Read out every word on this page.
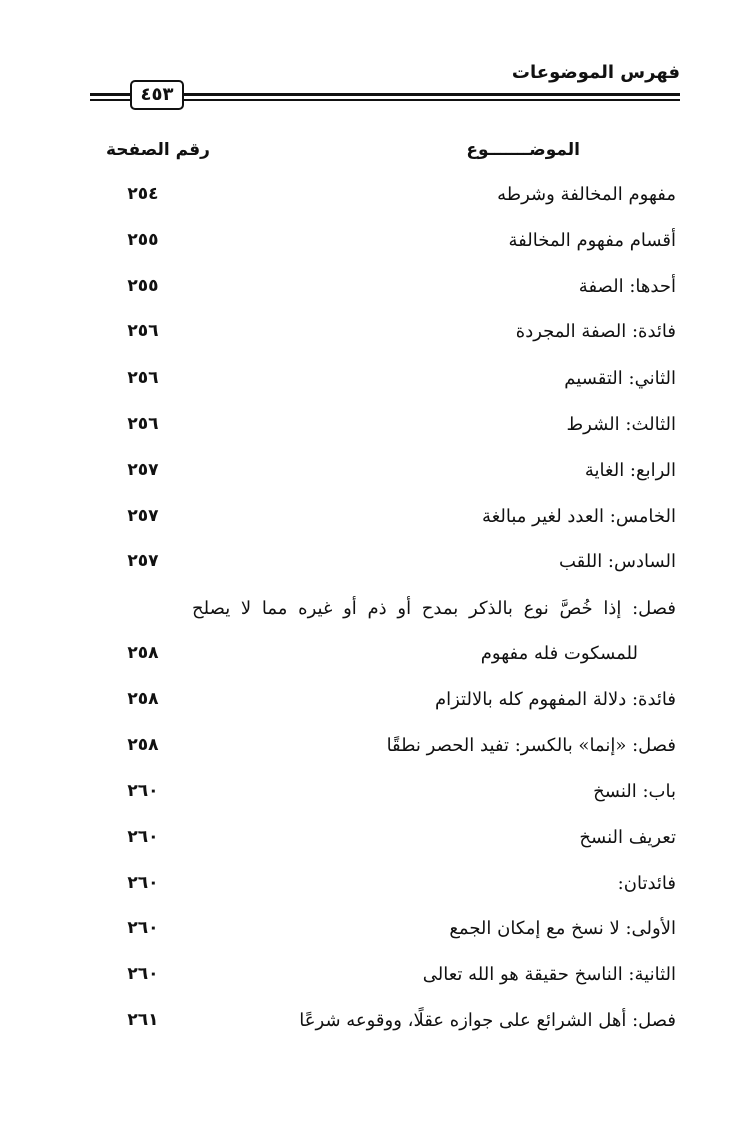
فهرس الموضوعات
٤٥٣
الموضـــــــوع
رقم الصفحة
مفهوم المخالفة وشرطه
٢٥٤
أقسام مفهوم المخالفة
٢٥٥
أحدها: الصفة
٢٥٥
فائدة: الصفة المجردة
٢٥٦
الثاني: التقسيم
٢٥٦
الثالث: الشرط
٢٥٦
الرابع: الغاية
٢٥٧
الخامس: العدد لغير مبالغة
٢٥٧
السادس: اللقب
٢٥٧
فصل: إذا خُصَّ نوع بالذكر بمدح أو ذم أو غيره مما لا يصلح
للمسكوت فله مفهوم
٢٥٨
فائدة: دلالة المفهوم كله بالالتزام
٢٥٨
فصل: «إنما» بالكسر: تفيد الحصر نطقًا
٢٥٨
باب: النسخ
٢٦٠
تعريف النسخ
٢٦٠
فائدتان:
٢٦٠
الأولى: لا نسخ مع إمكان الجمع
٢٦٠
الثانية: الناسخ حقيقة هو الله تعالى
٢٦٠
فصل: أهل الشرائع على جوازه عقلًا، ووقوعه شرعًا
٢٦١
